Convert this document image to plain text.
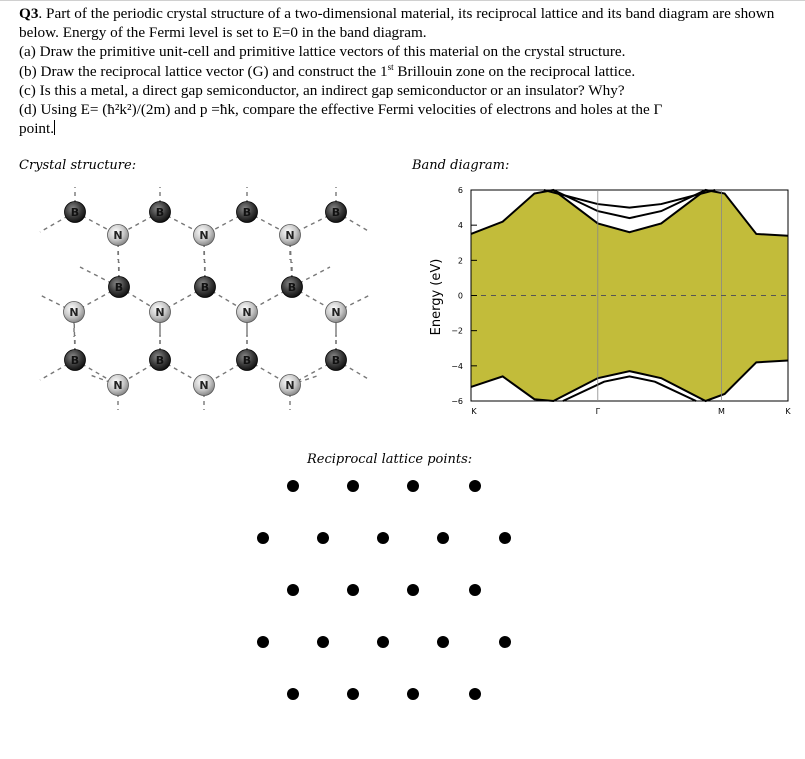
Q3. Part of the periodic crystal structure of a two-dimensional material, its reciprocal lattice and its band diagram are shown below. Energy of the Fermi level is set to E=0 in the band diagram.

(a) Draw the primitive unit-cell and primitive lattice vectors of this material on the crystal structure.

(b) Draw the reciprocal lattice vector (G) and construct the 1st Brillouin zone on the reciprocal lattice.

(c) Is this a metal, a direct gap semiconductor, an indirect gap semiconductor or an insulator? Why?

(d) Using E= (ħ²k²)/(2m) and p =ħk, compare the effective Fermi velocities of electrons and holes at the Γ

point.

Crystal structure:	Band diagram:
Reciprocal lattice points:
B	B	B	B
B	B	B
B	B	B	B
N	N	N
N	N	N	N
N	N	N
Energy (eV)
K	Γ	M	K
−6
−4
−2
0
2
4
6
